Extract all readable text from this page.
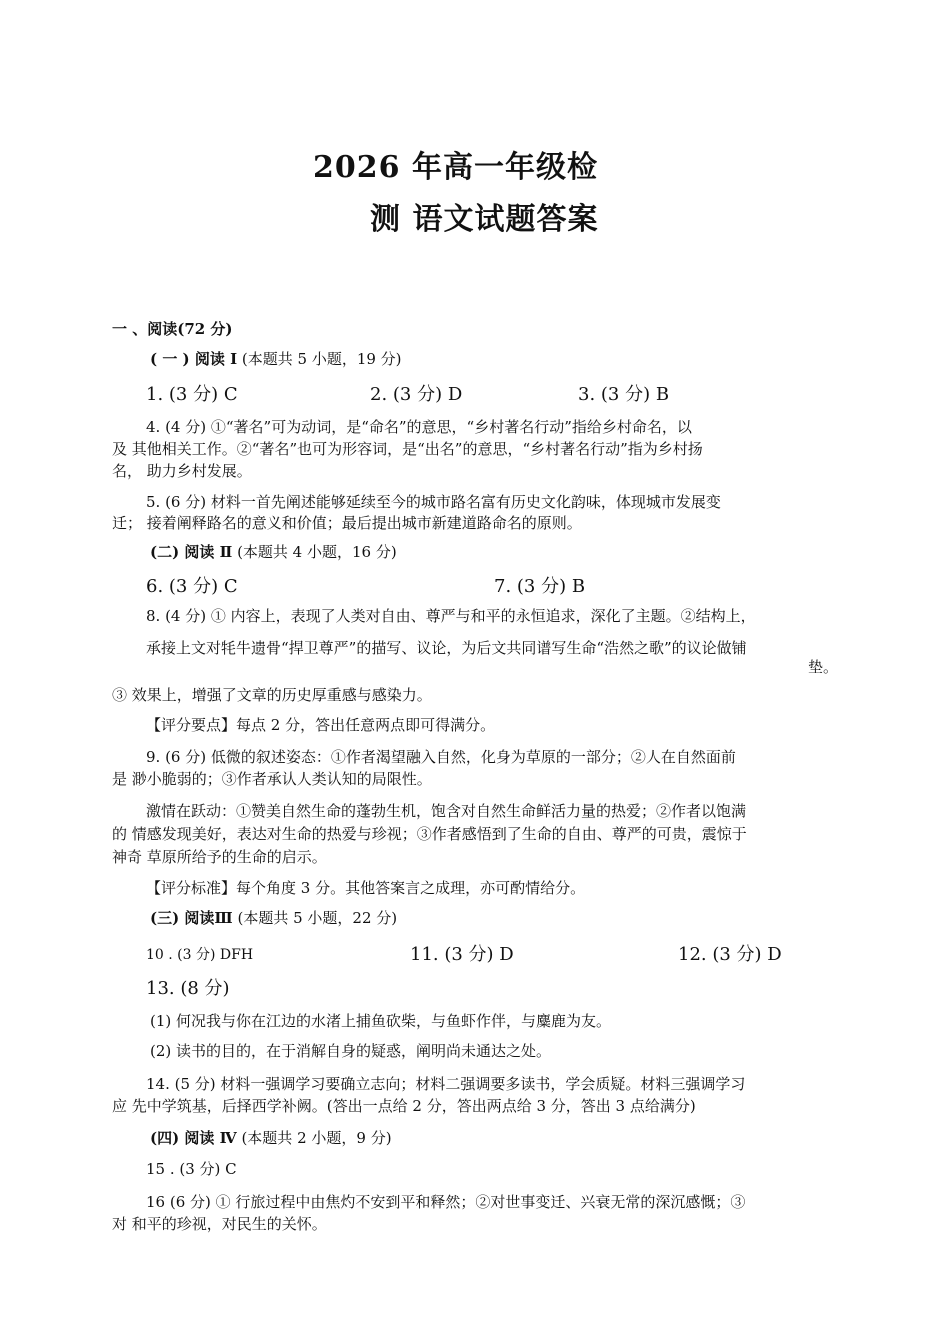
2026 年高一年级检
测 语文试题答案
一 、阅读(72 分)
( 一 ) 阅读 I (本题共 5 小题，19 分)
1. (3 分) C	2. (3 分) D	3. (3 分) B
4. (4 分) ①“著名”可为动词，是“命名”的意思，“乡村著名行动”指给乡村命名，以
及 其他相关工作。②“著名”也可为形容词，是“出名”的意思，“乡村著名行动”指为乡村扬
名， 助力乡村发展。
5. (6 分) 材料一首先阐述能够延续至今的城市路名富有历史文化韵味，体现城市发展变
迁； 接着阐释路名的意义和价值；最后提出城市新建道路命名的原则。
(二) 阅读 Ⅱ (本题共 4 小题，16 分)
6. (3 分) C	7. (3 分) B
8. (4 分) ① 内容上，表现了人类对自由、尊严与和平的永恒追求，深化了主题。②结构上，
承接上文对牦牛遗骨“捍卫尊严”的描写、议论，为后文共同谱写生命“浩然之歌”的议论做铺
垫。
③ 效果上，增强了文章的历史厚重感与感染力。
【评分要点】每点 2 分，答出任意两点即可得满分。
9. (6 分) 低微的叙述姿态：①作者渴望融入自然，化身为草原的一部分；②人在自然面前
是 渺小脆弱的；③作者承认人类认知的局限性。
激情在跃动：①赞美自然生命的蓬勃生机，饱含对自然生命鲜活力量的热爱；②作者以饱满
的 情感发现美好，表达对生命的热爱与珍视；③作者感悟到了生命的自由、尊严的可贵，震惊于
神奇 草原所给予的生命的启示。
【评分标准】每个角度 3 分。其他答案言之成理，亦可酌情给分。
(三) 阅读Ⅲ (本题共 5 小题，22 分)
10 . (3 分) DFH	11. (3 分) D	12. (3 分) D
13. (8 分)
(1) 何况我与你在江边的水渚上捕鱼砍柴，与鱼虾作伴，与麋鹿为友。
(2) 读书的目的，在于消解自身的疑惑，阐明尚未通达之处。
14. (5 分) 材料一强调学习要确立志向；材料二强调要多读书，学会质疑。材料三强调学习
应 先中学筑基，后择西学补阙。(答出一点给 2 分，答出两点给 3 分，答出 3 点给满分)
(四) 阅读 Ⅳ (本题共 2 小题，9 分)
15 . (3 分) C
16 (6 分) ① 行旅过程中由焦灼不安到平和释然；②对世事变迁、兴衰无常的深沉感慨；③
对 和平的珍视，对民生的关怀。
